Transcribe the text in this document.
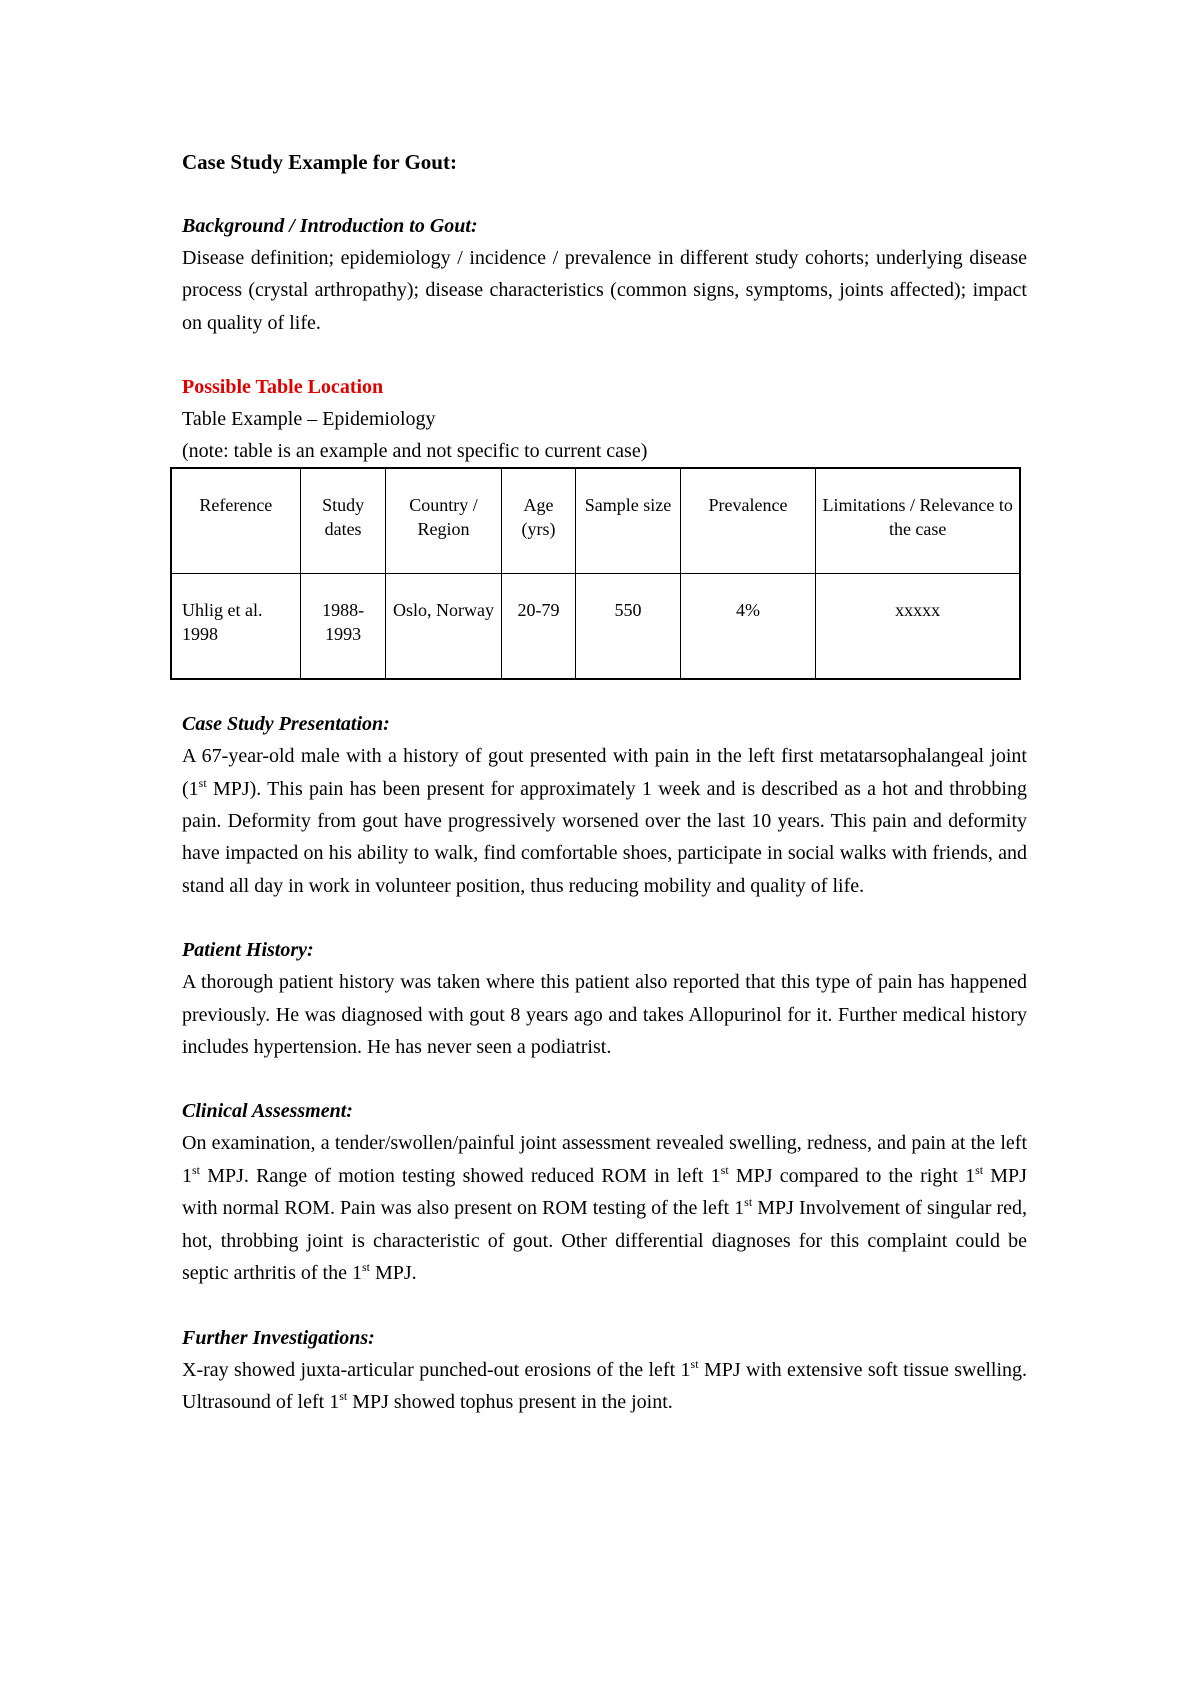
Case Study Example for Gout:

Background / Introduction to Gout:

Disease definition; epidemiology / incidence / prevalence in different study cohorts; underlying disease process (crystal arthropathy); disease characteristics (common signs, symptoms, joints affected); impact on quality of life.

Possible Table Location

Table Example – Epidemiology

(note: table is an example and not specific to current case)

Reference	Study dates	Country / Region	Age (yrs)	Sample size	Prevalence	Limitations / Relevance to the case
Uhlig et al. 1998	1988-1993	Oslo, Norway	20-79	550	4%	xxxxx

Case Study Presentation:

A 67-year-old male with a history of gout presented with pain in the left first metatarsophalangeal joint (1st MPJ). This pain has been present for approximately 1 week and is described as a hot and throbbing pain. Deformity from gout have progressively worsened over the last 10 years. This pain and deformity have impacted on his ability to walk, find comfortable shoes, participate in social walks with friends, and stand all day in work in volunteer position, thus reducing mobility and quality of life.

Patient History:

A thorough patient history was taken where this patient also reported that this type of pain has happened previously. He was diagnosed with gout 8 years ago and takes Allopurinol for it. Further medical history includes hypertension. He has never seen a podiatrist.

Clinical Assessment:

On examination, a tender/swollen/painful joint assessment revealed swelling, redness, and pain at the left 1st MPJ. Range of motion testing showed reduced ROM in left 1st MPJ compared to the right 1st MPJ with normal ROM. Pain was also present on ROM testing of the left 1st MPJ Involvement of singular red, hot, throbbing joint is characteristic of gout. Other differential diagnoses for this complaint could be septic arthritis of the 1st MPJ.

Further Investigations:

X-ray showed juxta-articular punched-out erosions of the left 1st MPJ with extensive soft tissue swelling. Ultrasound of left 1st MPJ showed tophus present in the joint.
